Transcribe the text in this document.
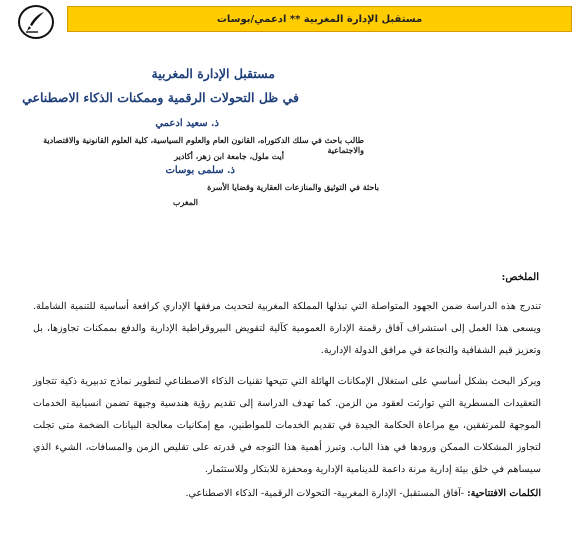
مستقبل الإدارة المغربية ** ادعمي/بوسات
مستقبل الإدارة المغربية
في ظل التحولات الرقمية وممكنات الذكاء الاصطناعي
ذ. سعيد ادعمي
طالب باحث في سلك الدكتوراه، القانون العام والعلوم السياسية، كلية العلوم القانونية والاقتصادية والاجتماعية
أيت ملول، جامعة ابن زهر، أكادير
ذ. سلمى بوسات
باحثة في التوثيق والمنازعات العقارية وقضايا الأسرة
المغرب
الملخص:
تندرج هذه الدراسة ضمن الجهود المتواصلة التي تبذلها المملكة المغربية لتحديث مرفقها الإداري كرافعة أساسية للتنمية الشاملة. ويسعى هذا العمل إلى استشراف آفاق رقمنة الإدارة العمومية كآلية لتقويض البيروقراطية الإدارية والدفع بممكنات تجاوزها، بل وتعزيز قيم الشفافية والنجاعة في مرافق الدولة الإدارية.
ويركز البحث بشكل أساسي على استغلال الإمكانات الهائلة التي تتيحها تقنيات الذكاء الاصطناعي لتطوير نماذج تدبيرية ذكية تتجاوز التعقيدات المسطرية التي توارثت لعقود من الزمن. كما تهدف الدراسة إلى تقديم رؤية هندسية وجيهة تضمن انسيابية الخدمات الموجهة للمرتفقين، مع مراعاة الحكامة الجيدة في تقديم الخدمات للمواطنين، مع إمكانيات معالجة البيانات الضخمة متى تجلت لتجاوز المشكلات الممكن ورودها في هذا الباب. وتبرز أهمية هذا التوجه في قدرته على تقليص الزمن والمسافات، الشيء الذي سيساهم في خلق بيئة إدارية مرنة داعمة للدينامية الإدارية ومحفزة للابتكار وللاستثمار.
الكلمات الافتتاحية: -آفاق المستقبل- الإدارة المغربية- التحولات الرقمية- الذكاء الاصطناعي.
